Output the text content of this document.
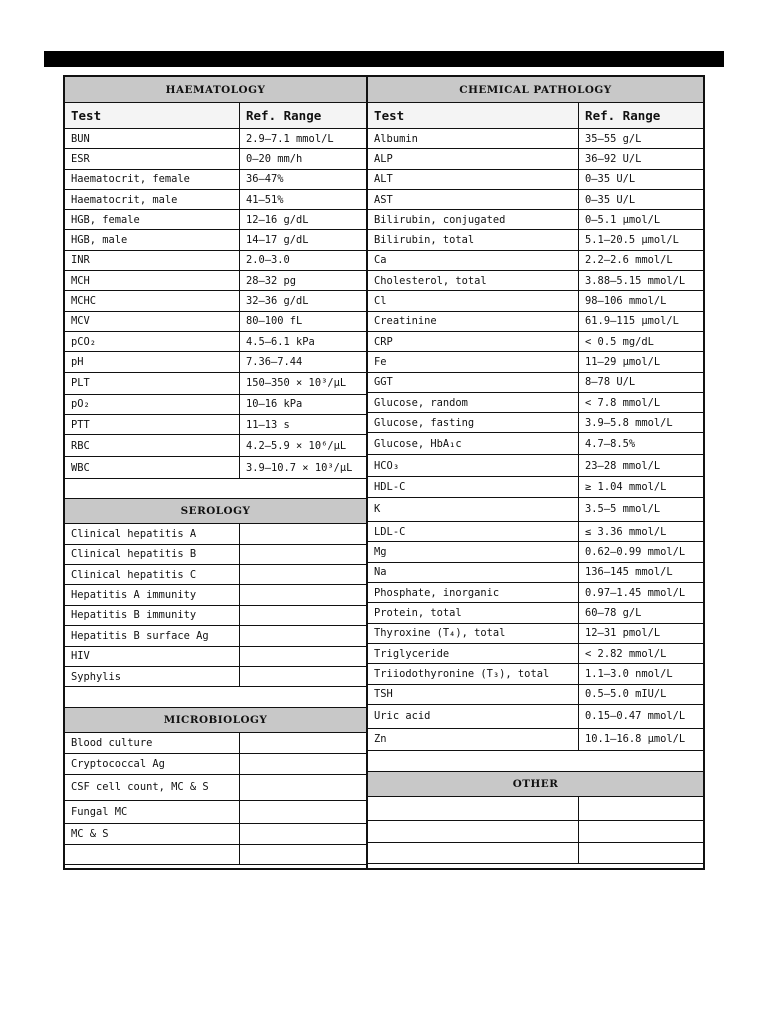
HAEMATOLOGY
Test	Ref. Range
BUN	2.9–7.1 mmol/L
ESR	0–20 mm/h
Haematocrit, female	36–47%
Haematocrit, male	41–51%
HGB, female	12–16 g/dL
HGB, male	14–17 g/dL
INR	2.0–3.0
MCH	28–32 pg
MCHC	32–36 g/dL
MCV	80–100 fL
pCO₂	4.5–6.1 kPa
pH	7.36–7.44
PLT	150–350 × 10³/µL
pO₂	10–16 kPa
PTT	11–13 s
RBC	4.2–5.9 × 10⁶/µL
WBC	3.9–10.7 × 10³/µL
SEROLOGY
Clinical hepatitis A
Clinical hepatitis B
Clinical hepatitis C
Hepatitis A immunity
Hepatitis B immunity
Hepatitis B surface Ag
HIV
Syphylis
MICROBIOLOGY
Blood culture
Cryptococcal Ag
CSF cell count, MC & S
Fungal MC
MC & S
CHEMICAL PATHOLOGY
Test	Ref. Range
Albumin	35–55 g/L
ALP	36–92 U/L
ALT	0–35 U/L
AST	0–35 U/L
Bilirubin, conjugated	0–5.1 µmol/L
Bilirubin, total	5.1–20.5 µmol/L
Ca	2.2–2.6 mmol/L
Cholesterol, total	3.88–5.15 mmol/L
Cl	98–106 mmol/L
Creatinine	61.9–115 µmol/L
CRP	< 0.5 mg/dL
Fe	11–29 µmol/L
GGT	8–78 U/L
Glucose, random	< 7.8 mmol/L
Glucose, fasting	3.9–5.8 mmol/L
Glucose, HbA₁c	4.7–8.5%
HCO₃	23–28 mmol/L
HDL-C	≥ 1.04 mmol/L
K	3.5–5 mmol/L
LDL-C	≤ 3.36 mmol/L
Mg	0.62–0.99 mmol/L
Na	136–145 mmol/L
Phosphate, inorganic	0.97–1.45 mmol/L
Protein, total	60–78 g/L
Thyroxine (T₄), total	12–31 pmol/L
Triglyceride	< 2.82 mmol/L
Triiodothyronine (T₃), total	1.1–3.0 nmol/L
TSH	0.5–5.0 mIU/L
Uric acid	0.15–0.47 mmol/L
Zn	10.1–16.8 µmol/L
OTHER
